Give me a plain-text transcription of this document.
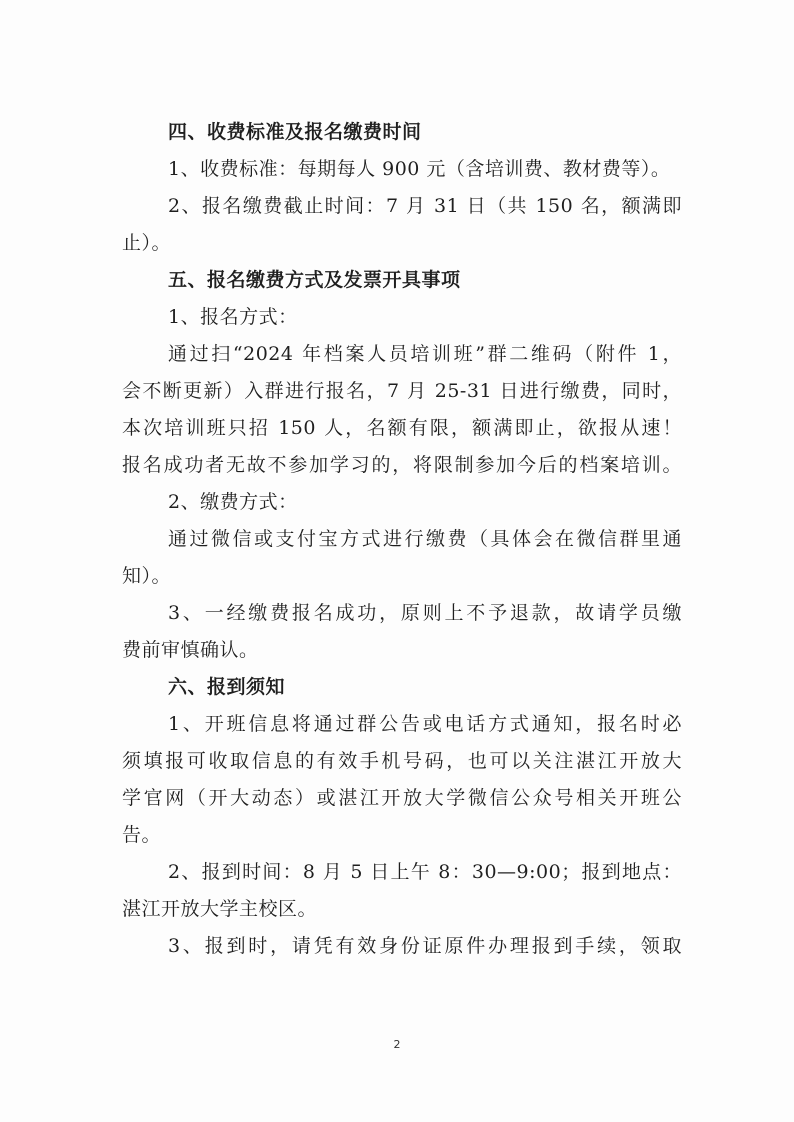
四、收费标准及报名缴费时间
1、收费标准：每期每人 900 元（含培训费、教材费等）。
2、报名缴费截止时间：7 月 31 日（共 150 名，额满即
止）。
五、报名缴费方式及发票开具事项
1、报名方式：
通过扫“2024 年档案人员培训班”群二维码（附件 1，
会不断更新）入群进行报名，7 月 25-31 日进行缴费，同时，
本次培训班只招 150 人，名额有限，额满即止，欲报从速！
报名成功者无故不参加学习的，将限制参加今后的档案培训。
2、缴费方式：
通过微信或支付宝方式进行缴费（具体会在微信群里通
知）。
3、一经缴费报名成功，原则上不予退款，故请学员缴
费前审慎确认。
六、报到须知
1、开班信息将通过群公告或电话方式通知，报名时必
须填报可收取信息的有效手机号码，也可以关注湛江开放大
学官网（开大动态）或湛江开放大学微信公众号相关开班公
告。
2、报到时间：8 月 5 日上午 8：30—9:00；报到地点：
湛江开放大学主校区。
3、报到时，请凭有效身份证原件办理报到手续，领取
2
